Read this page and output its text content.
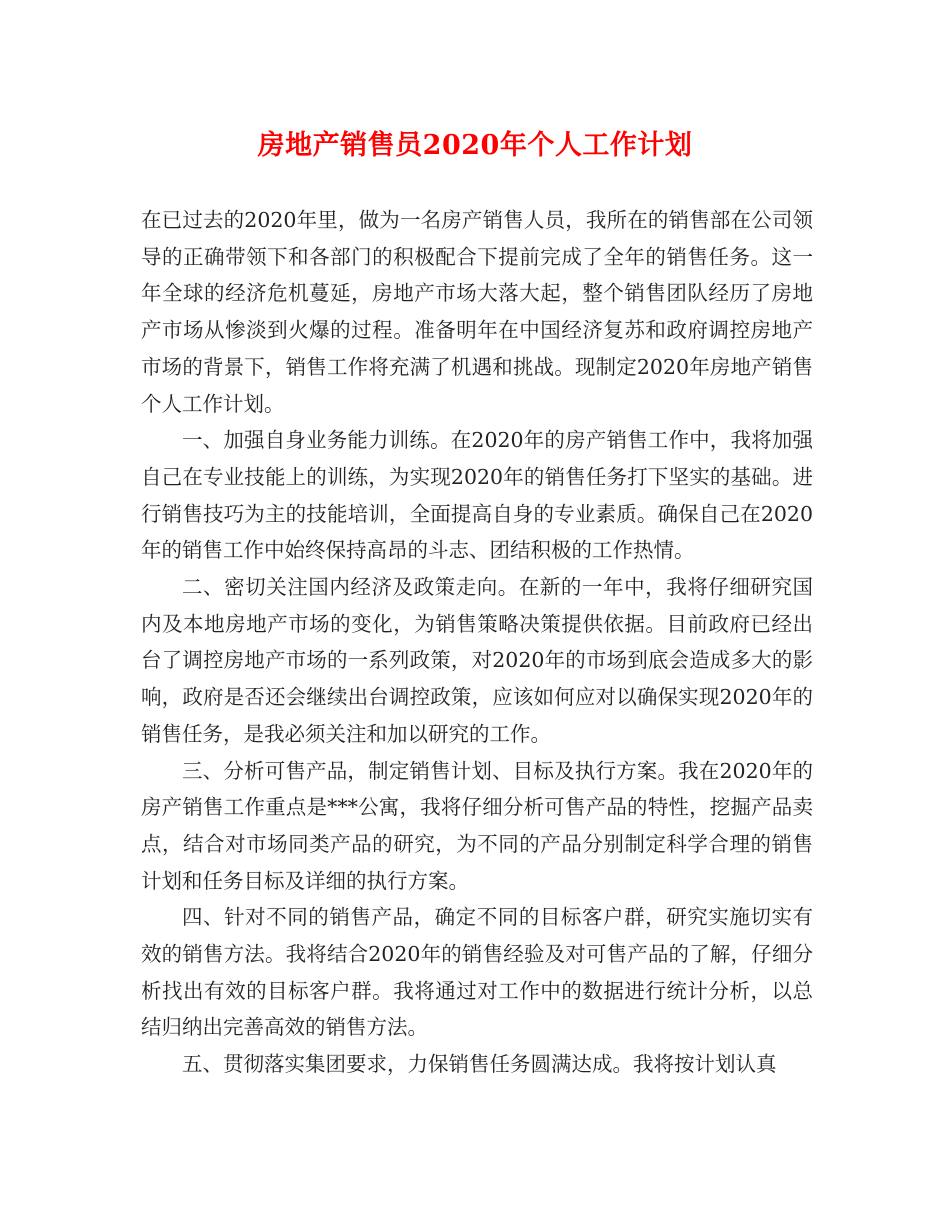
房地产销售员2020年个人工作计划

在已过去的2020年里，做为一名房产销售人员，我所在的销售部在公司领导的正确带领下和各部门的积极配合下提前完成了全年的销售任务。这一年全球的经济危机蔓延，房地产市场大落大起，整个销售团队经历了房地产市场从惨淡到火爆的过程。准备明年在中国经济复苏和政府调控房地产市场的背景下，销售工作将充满了机遇和挑战。现制定2020年房地产销售个人工作计划。

一、加强自身业务能力训练。在2020年的房产销售工作中，我将加强自己在专业技能上的训练，为实现2020年的销售任务打下坚实的基础。进行销售技巧为主的技能培训，全面提高自身的专业素质。确保自己在2020年的销售工作中始终保持高昂的斗志、团结积极的工作热情。

二、密切关注国内经济及政策走向。在新的一年中，我将仔细研究国内及本地房地产市场的变化，为销售策略决策提供依据。目前政府已经出台了调控房地产市场的一系列政策，对2020年的市场到底会造成多大的影响，政府是否还会继续出台调控政策，应该如何应对以确保实现2020年的销售任务，是我必须关注和加以研究的工作。

三、分析可售产品，制定销售计划、目标及执行方案。我在2020年的房产销售工作重点是***公寓，我将仔细分析可售产品的特性，挖掘产品卖点，结合对市场同类产品的研究，为不同的产品分别制定科学合理的销售计划和任务目标及详细的执行方案。

四、针对不同的销售产品，确定不同的目标客户群，研究实施切实有效的销售方法。我将结合2020年的销售经验及对可售产品的了解，仔细分析找出有效的目标客户群。我将通过对工作中的数据进行统计分析，以总结归纳出完善高效的销售方法。

五、贯彻落实集团要求，力保销售任务圆满达成。我将按计划认真
